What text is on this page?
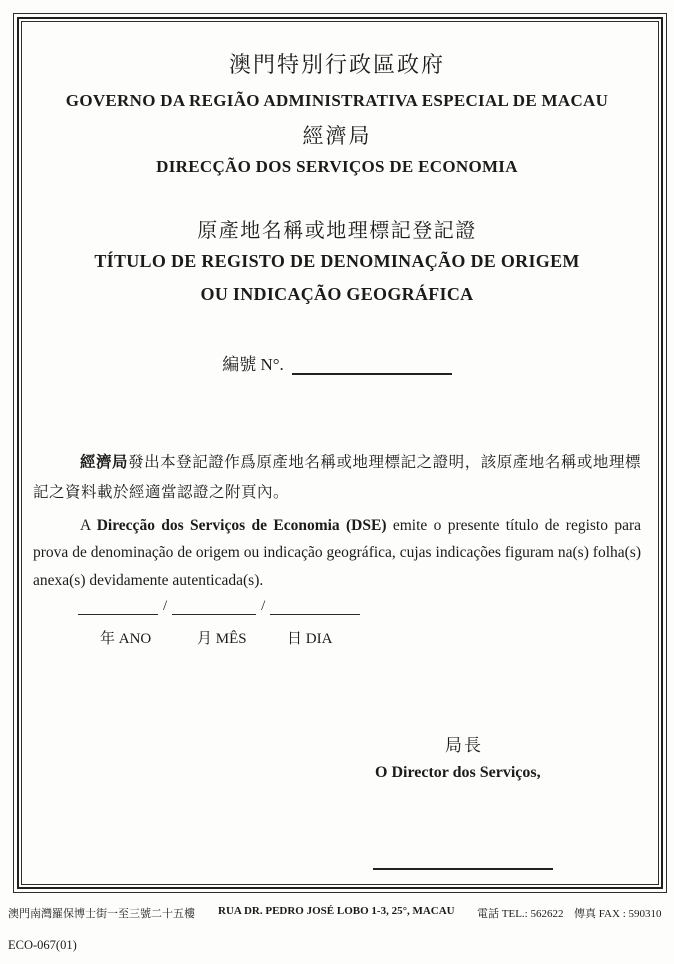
澳門特別行政區政府
GOVERNO DA REGIÃO ADMINISTRATIVA ESPECIAL DE MACAU
經濟局
DIRECÇÃO DOS SERVIÇOS DE ECONOMIA
原產地名稱或地理標記登記證
TÍTULO DE REGISTO DE DENOMINAÇÃO DE ORIGEM
OU INDICAÇÃO GEOGRÁFICA
編號 N°.

經濟局發出本登記證作爲原產地名稱或地理標記之證明，該原產地名稱或地理標記之資料載於經適當認證之附頁內。

A Direcção dos Serviços de Economia (DSE) emite o presente título de registo para prova de denominação de origem ou indicação geográfica, cujas indicações figuram na(s) folha(s) anexa(s) devidamente autenticada(s).

/	/
年 ANO	月 MÊS	日 DIA
局長
O Director dos Serviços,
澳門南灣羅保博士街一至三號二十五樓 RUA DR. PEDRO JOSÉ LOBO 1-3, 25°, MACAU 電話 TEL.: 562622 傳真 FAX : 590310
ECO-067(01)
